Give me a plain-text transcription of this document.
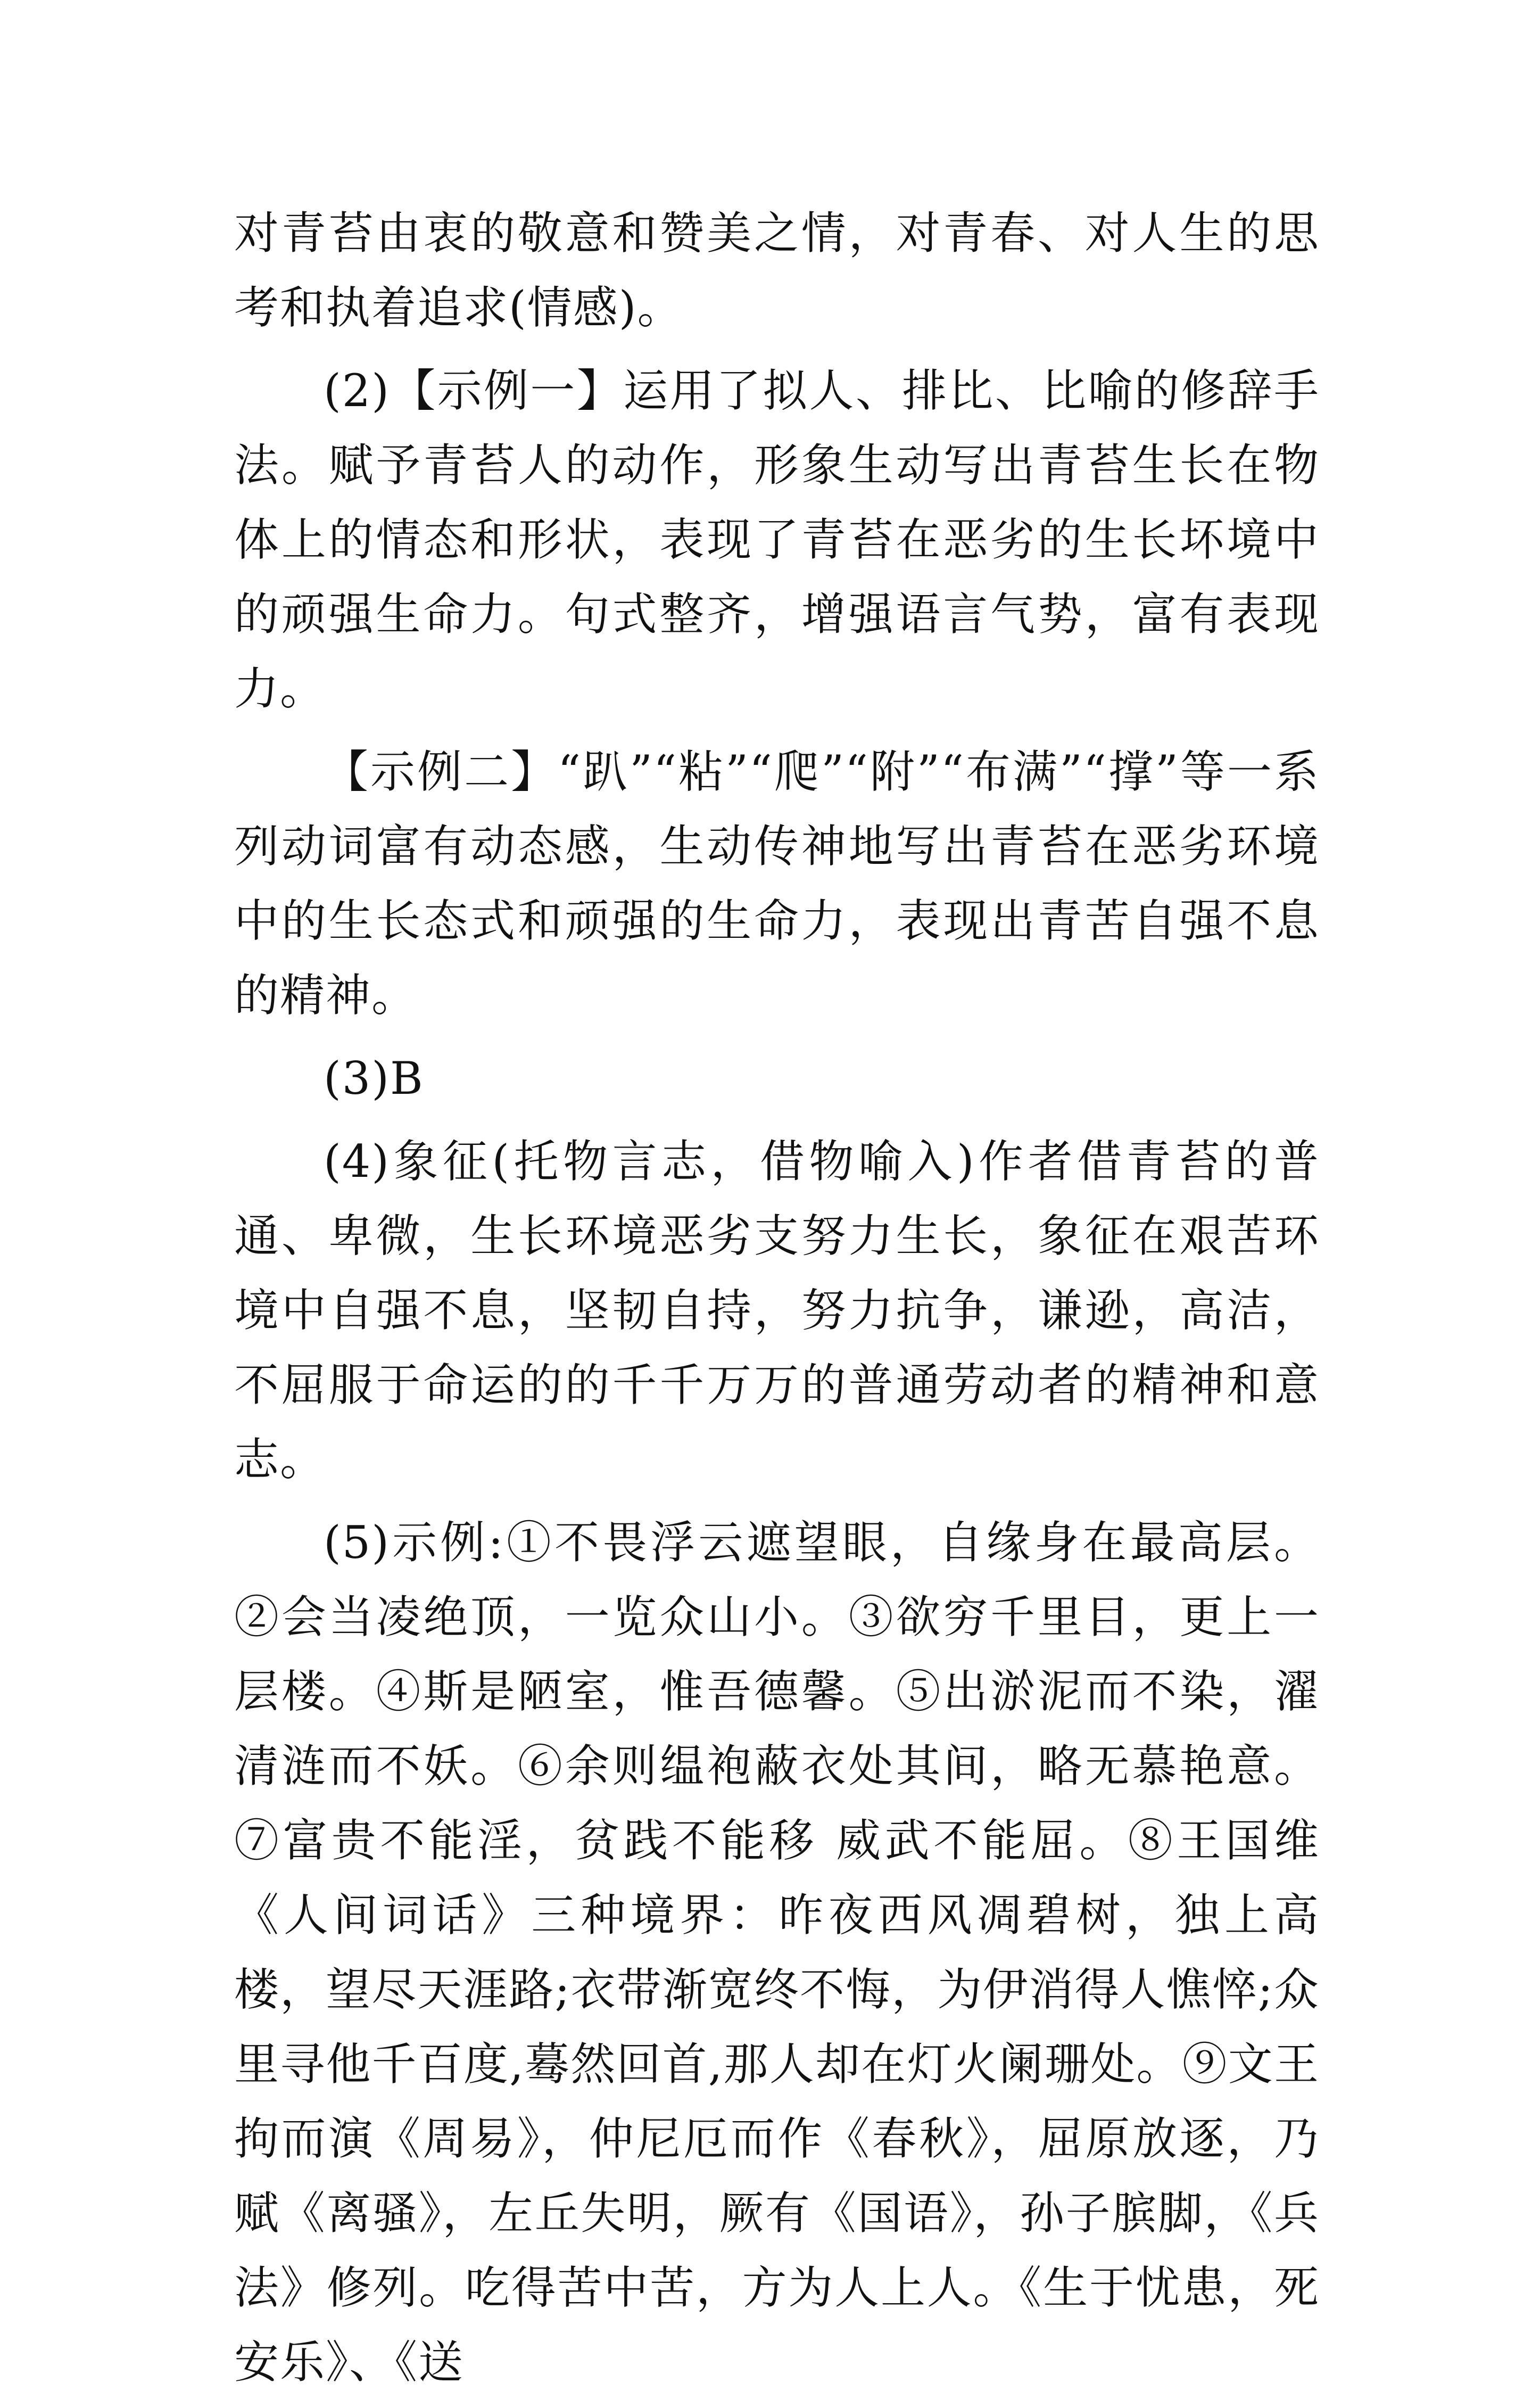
对青苔由衷的敬意和赞美之情，对青春、对人生的思考和执着追求(情感)。

(2)【示例一】运用了拟人、排比、比喻的修辞手法。赋予青苔人的动作，形象生动写出青苔生长在物体上的情态和形状，表现了青苔在恶劣的生长坏境中的顽强生命力。句式整齐，增强语言气势，富有表现力。

【示例二】“趴”“粘”“爬”“附”“布满”“撑”等一系列动词富有动态感，生动传神地写出青苔在恶劣环境中的生长态式和顽强的生命力，表现出青苦自强不息的精神。

(3)B

(4)象征(托物言志，借物喻入)作者借青苔的普通、卑微，生长环境恶劣支努力生长，象征在艰苦环境中自强不息，坚韧自持，努力抗争，谦逊，高洁，不屈服于命运的的千千万万的普通劳动者的精神和意志。

(5)示例:①不畏浮云遮望眼，自缘身在最高层。②会当凌绝顶，一览众山小。③欲穷千里目，更上一层楼。④斯是陋室，惟吾德馨。⑤出淤泥而不染，濯清涟而不妖。⑥余则缊袍蔽衣处其间，略无慕艳意。⑦富贵不能淫，贫践不能移 威武不能屈。⑧王国维《人间词话》三种境界：昨夜西风凋碧树，独上高楼，望尽天涯路;衣带渐宽终不悔，为伊消得人憔悴;众里寻他千百度,蓦然回首,那人却在灯火阑珊处。⑨文王拘而演《周易》，仲尼厄而作《春秋》，屈原放逐，乃赋《离骚》，左丘失明，厥有《国语》，孙子膑脚，《兵法》修列。吃得苦中苦，方为人上人。《生于忧患，死安乐》、《送
